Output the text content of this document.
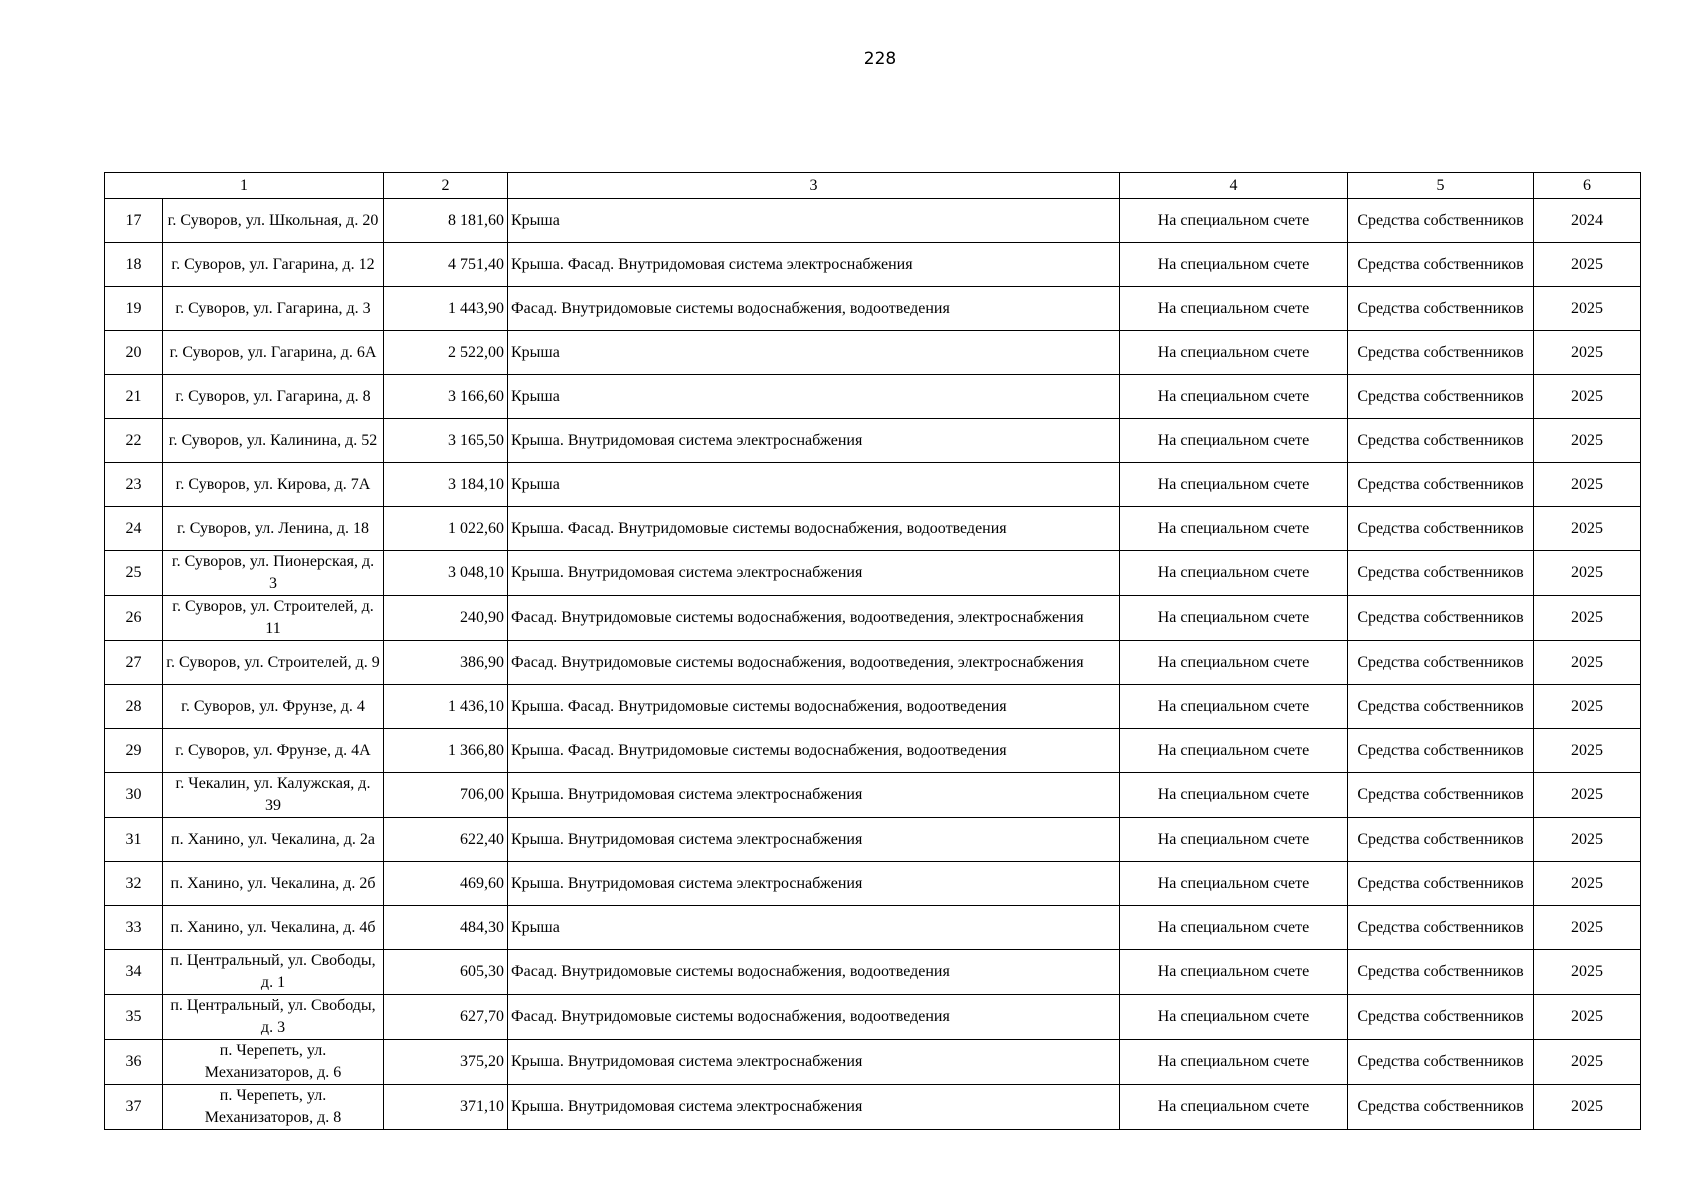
228
1		2	3	4	5	6
17	г. Суворов, ул. Школьная, д. 20	8 181,60	Крыша	На специальном счете	Средства собственников	2024
18	г. Суворов, ул. Гагарина, д. 12	4 751,40	Крыша. Фасад. Внутридомовая система электроснабжения	На специальном счете	Средства собственников	2025
19	г. Суворов, ул. Гагарина, д. 3	1 443,90	Фасад. Внутридомовые системы водоснабжения, водоотведения	На специальном счете	Средства собственников	2025
20	г. Суворов, ул. Гагарина, д. 6А	2 522,00	Крыша	На специальном счете	Средства собственников	2025
21	г. Суворов, ул. Гагарина, д. 8	3 166,60	Крыша	На специальном счете	Средства собственников	2025
22	г. Суворов, ул. Калинина, д. 52	3 165,50	Крыша. Внутридомовая система электроснабжения	На специальном счете	Средства собственников	2025
23	г. Суворов, ул. Кирова, д. 7А	3 184,10	Крыша	На специальном счете	Средства собственников	2025
24	г. Суворов, ул. Ленина, д. 18	1 022,60	Крыша. Фасад. Внутридомовые системы водоснабжения, водоотведения	На специальном счете	Средства собственников	2025
25	г. Суворов, ул. Пионерская, д. 3	3 048,10	Крыша. Внутридомовая система электроснабжения	На специальном счете	Средства собственников	2025
26	г. Суворов, ул. Строителей, д. 11	240,90	Фасад. Внутридомовые системы водоснабжения, водоотведения, электроснабжения	На специальном счете	Средства собственников	2025
27	г. Суворов, ул. Строителей, д. 9	386,90	Фасад. Внутридомовые системы водоснабжения, водоотведения, электроснабжения	На специальном счете	Средства собственников	2025
28	г. Суворов, ул. Фрунзе, д. 4	1 436,10	Крыша. Фасад. Внутридомовые системы водоснабжения, водоотведения	На специальном счете	Средства собственников	2025
29	г. Суворов, ул. Фрунзе, д. 4А	1 366,80	Крыша. Фасад. Внутридомовые системы водоснабжения, водоотведения	На специальном счете	Средства собственников	2025
30	г. Чекалин, ул. Калужская, д. 39	706,00	Крыша. Внутридомовая система электроснабжения	На специальном счете	Средства собственников	2025
31	п. Ханино, ул. Чекалина, д. 2а	622,40	Крыша. Внутридомовая система электроснабжения	На специальном счете	Средства собственников	2025
32	п. Ханино, ул. Чекалина, д. 2б	469,60	Крыша. Внутридомовая система электроснабжения	На специальном счете	Средства собственников	2025
33	п. Ханино, ул. Чекалина, д. 4б	484,30	Крыша	На специальном счете	Средства собственников	2025
34	п. Центральный, ул. Свободы, д. 1	605,30	Фасад. Внутридомовые системы водоснабжения, водоотведения	На специальном счете	Средства собственников	2025
35	п. Центральный, ул. Свободы, д. 3	627,70	Фасад. Внутридомовые системы водоснабжения, водоотведения	На специальном счете	Средства собственников	2025
36	п. Черепеть, ул. Механизаторов, д. 6	375,20	Крыша. Внутридомовая система электроснабжения	На специальном счете	Средства собственников	2025
37	п. Черепеть, ул. Механизаторов, д. 8	371,10	Крыша. Внутридомовая система электроснабжения	На специальном счете	Средства собственников	2025
